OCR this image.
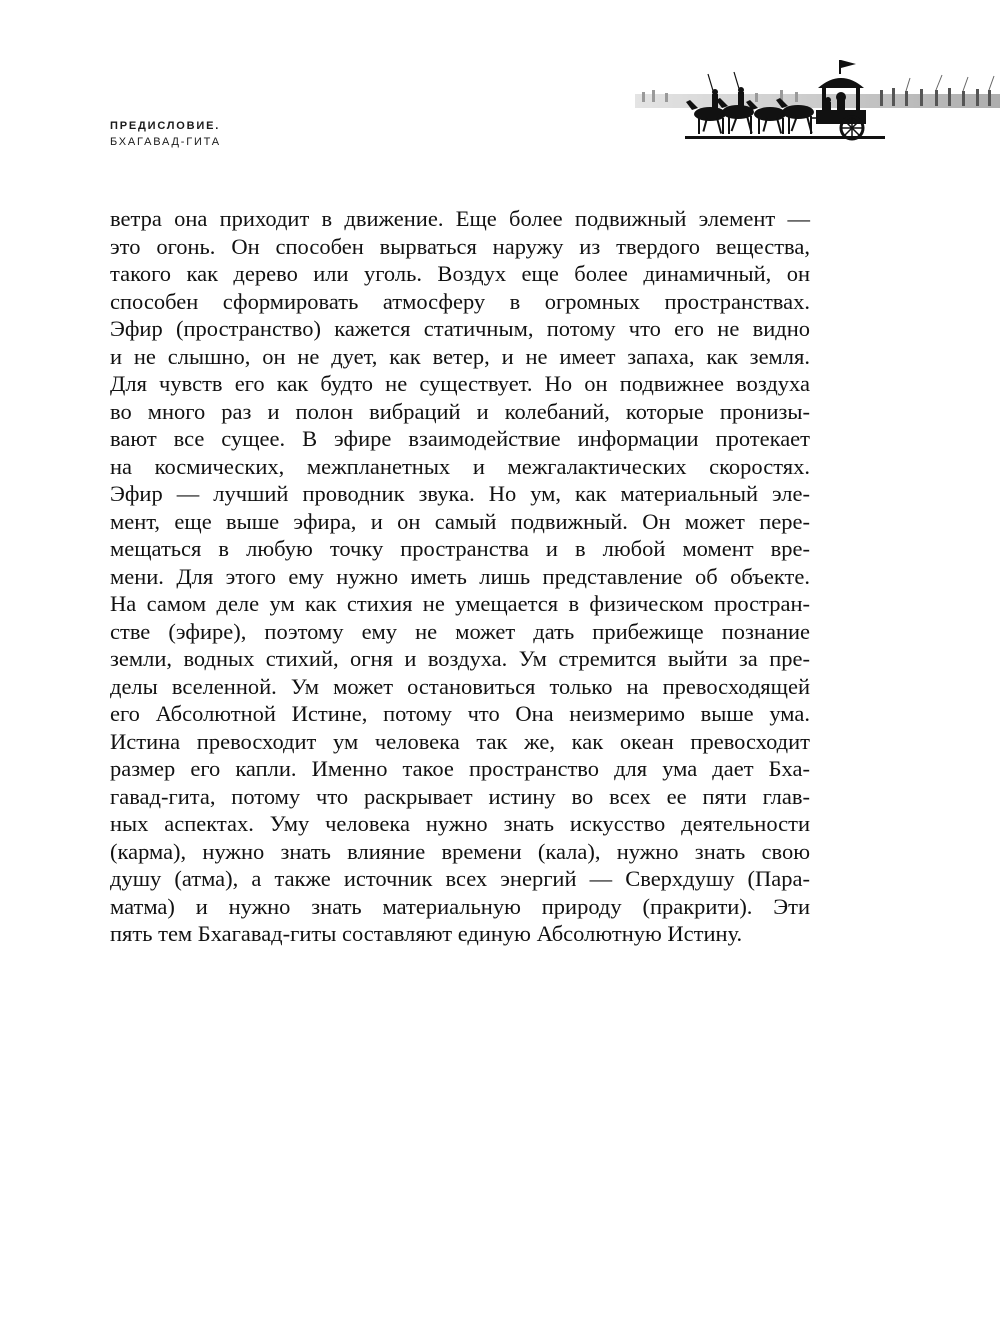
ПРЕДИСЛОВИЕ.
БХАГАВАД-ГИТА
ветра она приходит в движение. Еще более подвижный элемент —
это огонь. Он способен вырваться наружу из твердого вещества,
такого как дерево или уголь. Воздух еще более динамичный, он
способен сформировать атмосферу в огромных пространствах.
Эфир (пространство) кажется статичным, потому что его не видно
и не слышно, он не дует, как ветер, и не имеет запаха, как земля.
Для чувств его как будто не существует. Но он подвижнее воздуха
во много раз и полон вибраций и колебаний, которые пронизы-
вают все сущее. В эфире взаимодействие информации протекает
на космических, межпланетных и межгалактических скоростях.
Эфир — лучший проводник звука. Но ум, как материальный эле-
мент, еще выше эфира, и он самый подвижный. Он может пере-
мещаться в любую точку пространства и в любой момент вре-
мени. Для этого ему нужно иметь лишь представление об объекте.
На самом деле ум как стихия не умещается в физическом простран-
стве (эфире), поэтому ему не может дать прибежище познание
земли, водных стихий, огня и воздуха. Ум стремится выйти за пре-
делы вселенной. Ум может остановиться только на превосходящей
его Абсолютной Истине, потому что Она неизмеримо выше ума.
Истина превосходит ум человека так же, как океан превосходит
размер его капли. Именно такое пространство для ума дает Бха-
гавад-гита, потому что раскрывает истину во всех ее пяти глав-
ных аспектах. Уму человека нужно знать искусство деятельности
(карма), нужно знать влияние времени (кала), нужно знать свою
душу (атма), а также источник всех энергий — Сверхдушу (Пара-
матма) и нужно знать материальную природу (пракрити). Эти
пять тем Бхагавад-гиты составляют единую Абсолютную Истину.
